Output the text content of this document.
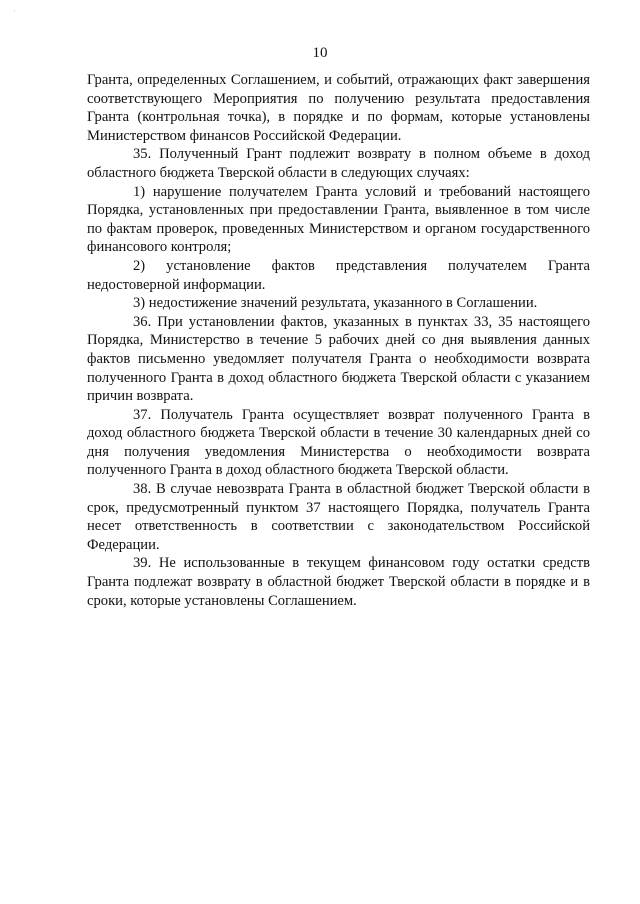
·
10

Гранта, определенных Соглашением, и событий, отражающих факт завершения соответствующего Мероприятия по получению результата предоставления Гранта (контрольная точка), в порядке и по формам, которые установлены Министерством финансов Российской Федерации.

35. Полученный Грант подлежит возврату в полном объеме в доход областного бюджета Тверской области в следующих случаях:

1) нарушение получателем Гранта условий и требований настоящего Порядка, установленных при предоставлении Гранта, выявленное в том числе по фактам проверок, проведенных Министерством и органом государственного финансового контроля;

2) установление фактов представления получателем Гранта недостоверной информации.

3) недостижение значений результата, указанного в Соглашении.

36. При установлении фактов, указанных в пунктах 33, 35 настоящего Порядка, Министерство в течение 5 рабочих дней со дня выявления данных фактов письменно уведомляет получателя Гранта о необходимости возврата полученного Гранта в доход областного бюджета Тверской области с указанием причин возврата.

37. Получатель Гранта осуществляет возврат полученного Гранта в доход областного бюджета Тверской области в течение 30 календарных дней со дня получения уведомления Министерства о необходимости возврата полученного Гранта в доход областного бюджета Тверской области.

38. В случае невозврата Гранта в областной бюджет Тверской области в срок, предусмотренный пунктом 37 настоящего Порядка, получатель Гранта несет ответственность в соответствии с законодательством Российской Федерации.

39. Не использованные в текущем финансовом году остатки средств Гранта подлежат возврату в областной бюджет Тверской области в порядке и в сроки, которые установлены Соглашением.
